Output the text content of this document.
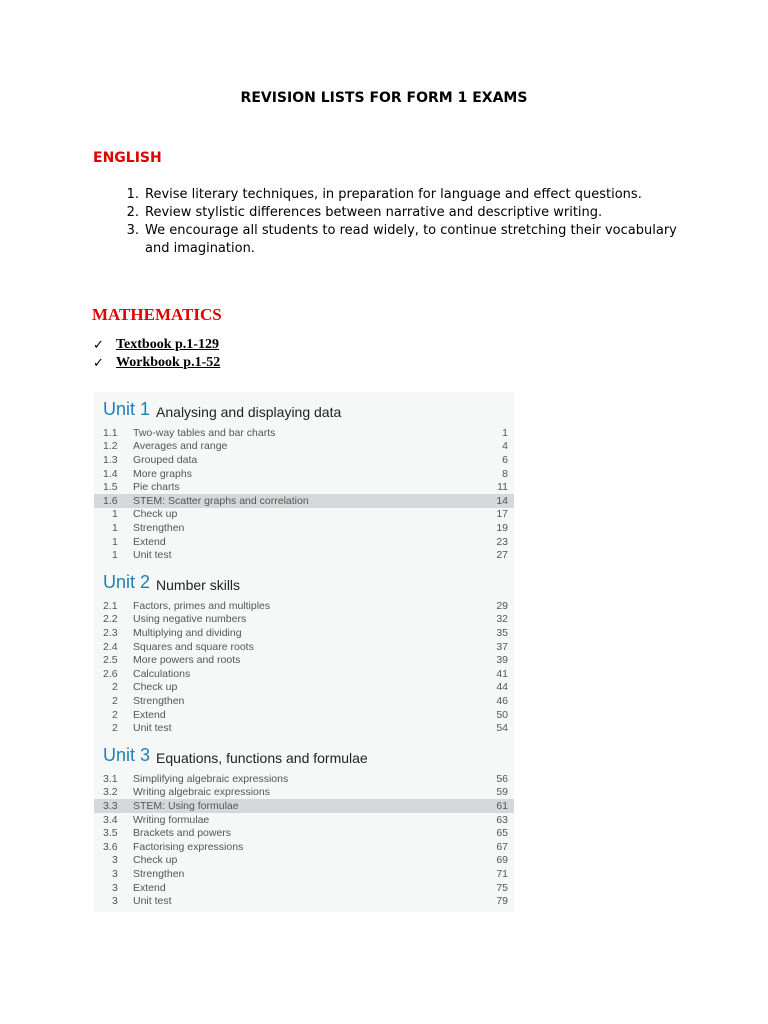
REVISION LISTS FOR FORM 1 EXAMS
ENGLISH
1. Revise literary techniques, in preparation for language and effect questions.
2. Review stylistic differences between narrative and descriptive writing.
3. We encourage all students to read widely, to continue stretching their vocabulary and imagination.
MATHEMATICS
✓ Textbook p.1-129
✓ Workbook p.1-52
Unit 1 Analysing and displaying data
1.1	Two-way tables and bar charts	1
1.2	Averages and range	4
1.3	Grouped data	6
1.4	More graphs	8
1.5	Pie charts	11
1.6	STEM: Scatter graphs and correlation	14
1	Check up	17
1	Strengthen	19
1	Extend	23
1	Unit test	27
Unit 2 Number skills
2.1	Factors, primes and multiples	29
2.2	Using negative numbers	32
2.3	Multiplying and dividing	35
2.4	Squares and square roots	37
2.5	More powers and roots	39
2.6	Calculations	41
2	Check up	44
2	Strengthen	46
2	Extend	50
2	Unit test	54
Unit 3 Equations, functions and formulae
3.1	Simplifying algebraic expressions	56
3.2	Writing algebraic expressions	59
3.3	STEM: Using formulae	61
3.4	Writing formulae	63
3.5	Brackets and powers	65
3.6	Factorising expressions	67
3	Check up	69
3	Strengthen	71
3	Extend	75
3	Unit test	79
